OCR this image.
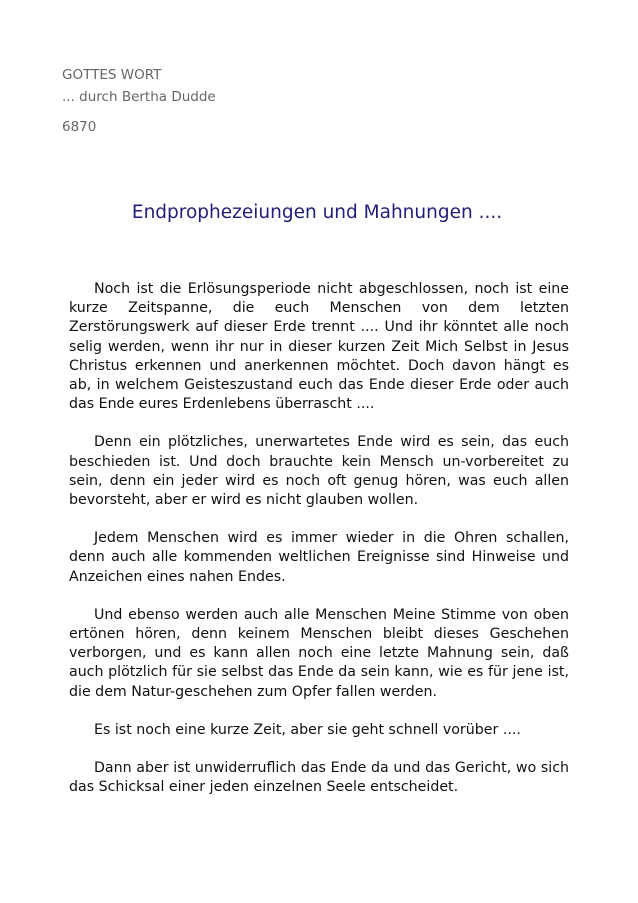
GOTTES WORT
... durch Bertha Dudde
6870
Endprophezeiungen und Mahnungen ....

Noch ist die Erlösungsperiode nicht abgeschlossen, noch ist eine kurze Zeitspanne, die euch Menschen von dem letzten Zerstörungswerk auf dieser Erde trennt .... Und ihr könntet alle noch selig werden, wenn ihr nur in dieser kurzen Zeit Mich Selbst in Jesus Christus erkennen und anerkennen möchtet. Doch davon hängt es ab, in welchem Geisteszustand euch das Ende dieser Erde oder auch das Ende eures Erdenlebens überrascht ....

Denn ein plötzliches, unerwartetes Ende wird es sein, das euch beschieden ist. Und doch brauchte kein Mensch un-vorbereitet zu sein, denn ein jeder wird es noch oft genug hören, was euch allen bevorsteht, aber er wird es nicht glauben wollen.

Jedem Menschen wird es immer wieder in die Ohren schallen, denn auch alle kommenden weltlichen Ereignisse sind Hinweise und Anzeichen eines nahen Endes.

Und ebenso werden auch alle Menschen Meine Stimme von oben ertönen hören, denn keinem Menschen bleibt dieses Geschehen verborgen, und es kann allen noch eine letzte Mahnung sein, daß auch plötzlich für sie selbst das Ende da sein kann, wie es für jene ist, die dem Natur-geschehen zum Opfer fallen werden.

Es ist noch eine kurze Zeit, aber sie geht schnell vorüber ....

Dann aber ist unwiderruflich das Ende da und das Gericht, wo sich das Schicksal einer jeden einzelnen Seele entscheidet.
